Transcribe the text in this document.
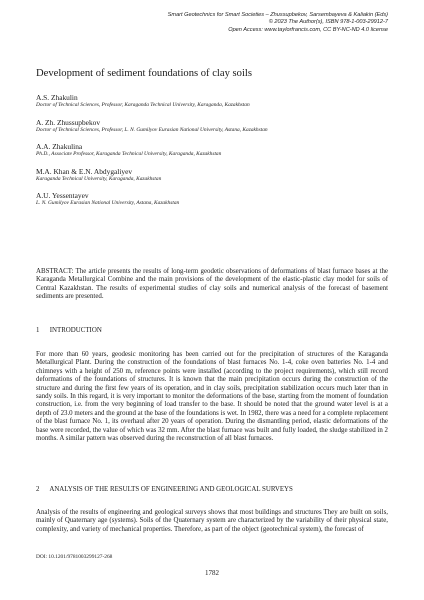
Smart Geotechnics for Smart Societies – Zhussupbekov, Sarsembayeva & Kaliakin (Eds)
© 2023 The Author(s), ISBN 978-1-003-29912-7
Open Access: www.taylorfrancis.com, CC BY-NC-ND 4.0 license
Development of sediment foundations of clay soils
A.S. Zhakulin
Doctor of Technical Sciences, Professor, Karaganda Technical University, Karaganda, Kazakhstan
A. Zh. Zhussupbekov
Doctor of Technical Sciences, Professor, L. N. Gumilyov Eurasian National University, Astana, Kazakhstan
A.A. Zhakulina
Ph.D., Associate Professor, Karaganda Technical University, Karaganda, Kazakhstan
M.A. Khan & E.N. Abdygaliyev
Karaganda Technical University, Karaganda, Kazakhstan
A.U. Yessentayev
L. N. Gumilyov Eurasian National University, Astana, Kazakhstan
ABSTRACT: The article presents the results of long-term geodetic observations of deformations of blast furnace bases at the Karaganda Metallurgical Combine and the main provisions of the development of the elastic-plastic clay model for soils of Central Kazakhstan. The results of experimental studies of clay soils and numerical analysis of the forecast of basement sediments are presented.
1 INTRODUCTION
For more than 60 years, geodesic monitoring has been carried out for the precipitation of structures of the Karaganda Metallurgical Plant. During the construction of the foundations of blast furnaces No. 1-4, coke oven batteries No. 1-4 and chimneys with a height of 250 m, reference points were installed (according to the project requirements), which still record deformations of the foundations of structures. It is known that the main precipitation occurs during the construction of the structure and during the first few years of its operation, and in clay soils, precipitation stabilization occurs much later than in sandy soils. In this regard, it is very important to monitor the deformations of the base, starting from the moment of foundation construction, i.e. from the very beginning of load transfer to the base. It should be noted that the ground water level is at a depth of 23.0 meters and the ground at the base of the foundations is wet. In 1982, there was a need for a complete replacement of the blast furnace No. 1, its overhaul after 20 years of operation. During the dismantling period, elastic deformations of the base were recorded, the value of which was 32 mm. After the blast furnace was built and fully loaded, the sludge stabilized in 2 months. A similar pattern was observed during the reconstruction of all blast furnaces.
2 ANALYSIS OF THE RESULTS OF ENGINEERING AND GEOLOGICAL SURVEYS
Analysis of the results of engineering and geological surveys shows that most buildings and structures They are built on soils, mainly of Quaternary age (systems). Soils of the Quaternary system are characterized by the variability of their physical state, complexity, and variety of mechanical properties. Therefore, as part of the object (geotechnical system), the forecast of
DOI: 10.1201/9781003299127-268
1782
